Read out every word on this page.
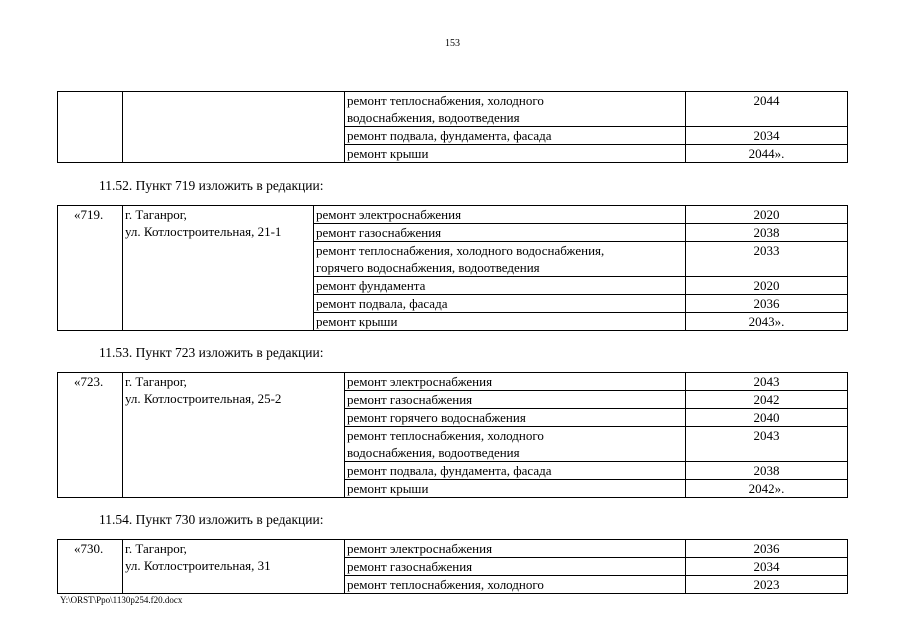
153

		ремонт теплоснабжения, холодного
водоснабжения, водоотведения	2044
		ремонт подвала, фундамента, фасада	2034
		ремонт крыши	2044».
11.52. Пункт 719 изложить в редакции:
«719.	г. Таганрог,
ул. Котлостроительная, 21-1	ремонт электроснабжения	2020
		ремонт газоснабжения	2038

		ремонт теплоснабжения, холодного водоснабжения,
горячего водоснабжения, водоотведения	2033
		ремонт фундамента	2020
		ремонт подвала, фасада	2036
		ремонт крыши	2043».
11.53. Пункт 723 изложить в редакции:
«723.	г. Таганрог,
ул. Котлостроительная, 25-2	ремонт электроснабжения	2043
		ремонт газоснабжения	2042
		ремонт горячего водоснабжения	2040

		ремонт теплоснабжения, холодного
водоснабжения, водоотведения	2043
		ремонт подвала, фундамента, фасада	2038
		ремонт крыши	2042».
11.54. Пункт 730 изложить в редакции:
«730.	г. Таганрог,
ул. Котлостроительная, 31	ремонт электроснабжения	2036
		ремонт газоснабжения	2034
		ремонт теплоснабжения, холодного	2023
Y:\ORST\Ppo\1130p254.f20.docx
